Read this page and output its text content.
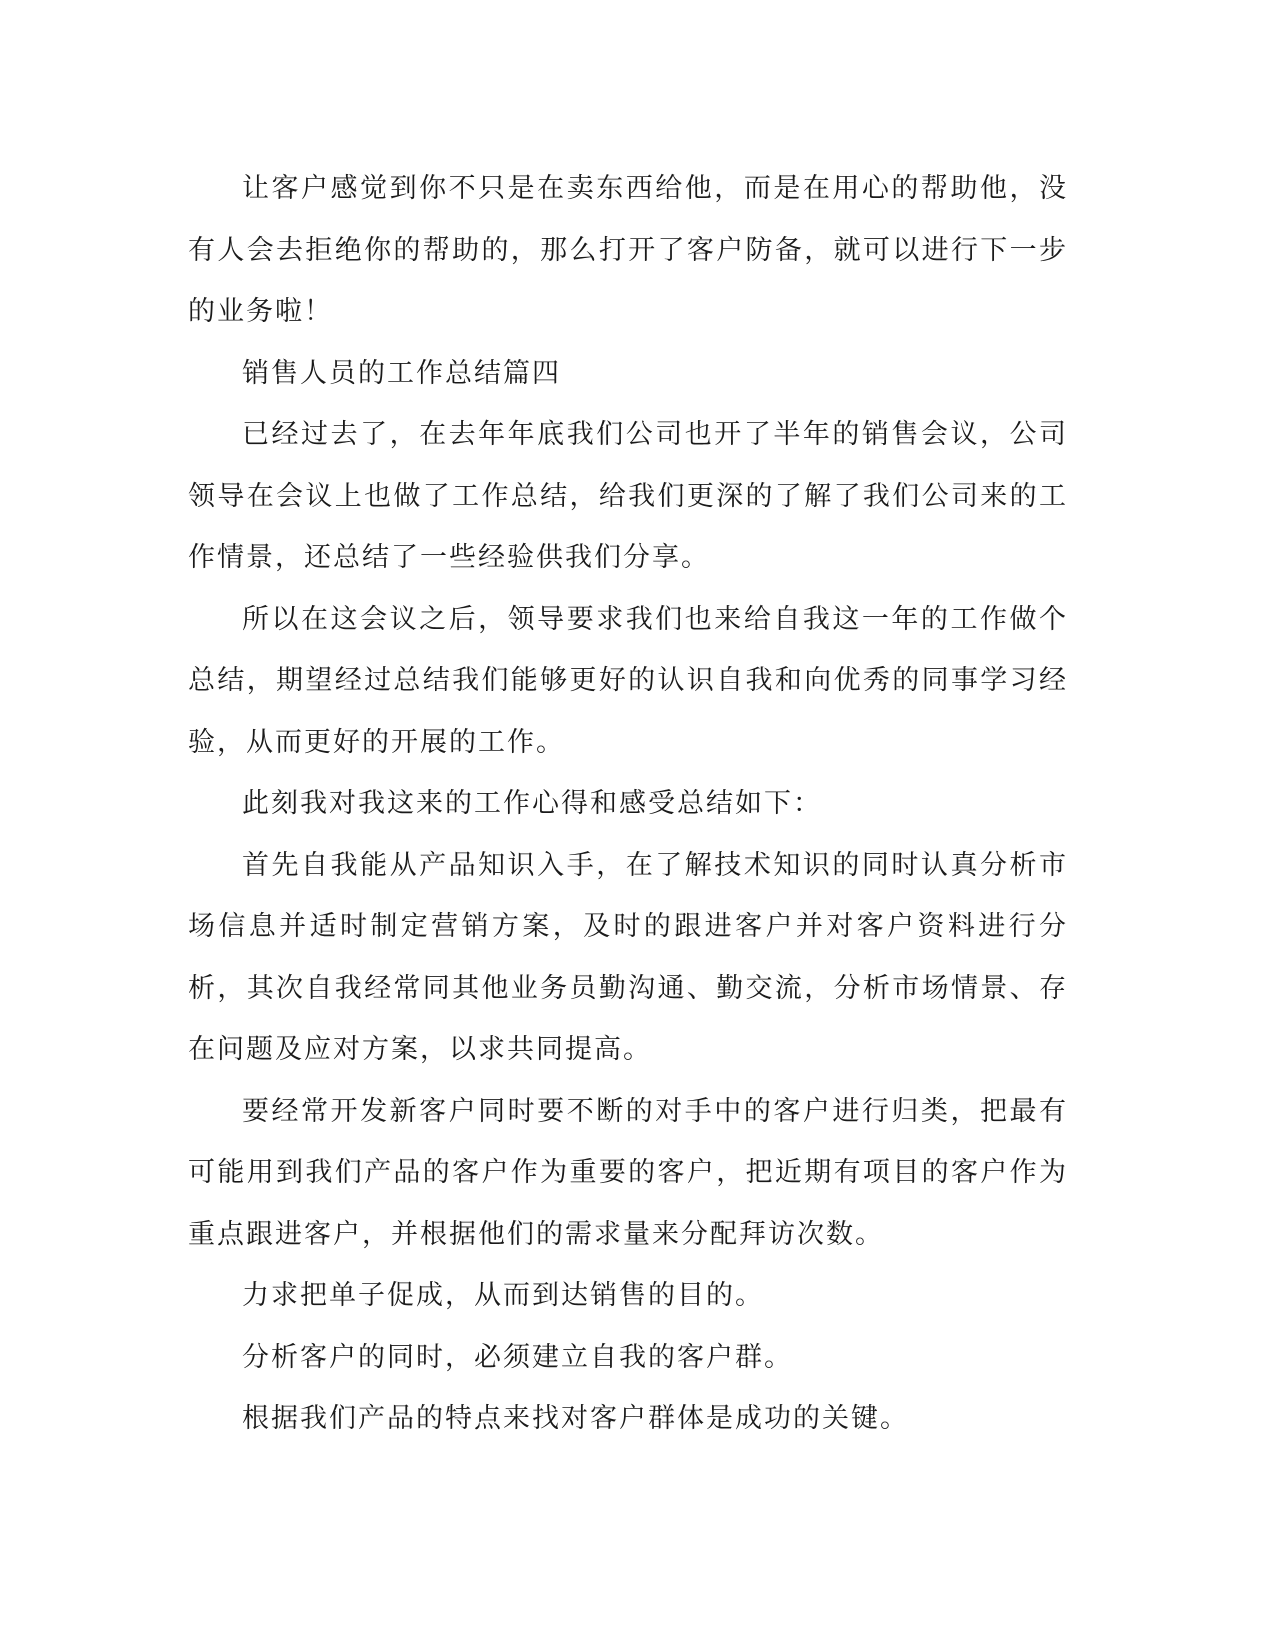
让客户感觉到你不只是在卖东西给他，而是在用心的帮助他，没有人会去拒绝你的帮助的，那么打开了客户防备，就可以进行下一步的业务啦！

销售人员的工作总结篇四

已经过去了，在去年年底我们公司也开了半年的销售会议，公司领导在会议上也做了工作总结，给我们更深的了解了我们公司来的工作情景，还总结了一些经验供我们分享。

所以在这会议之后，领导要求我们也来给自我这一年的工作做个总结，期望经过总结我们能够更好的认识自我和向优秀的同事学习经验，从而更好的开展的工作。

此刻我对我这来的工作心得和感受总结如下：

首先自我能从产品知识入手，在了解技术知识的同时认真分析市场信息并适时制定营销方案，及时的跟进客户并对客户资料进行分析，其次自我经常同其他业务员勤沟通、勤交流，分析市场情景、存在问题及应对方案，以求共同提高。

要经常开发新客户同时要不断的对手中的客户进行归类，把最有可能用到我们产品的客户作为重要的客户，把近期有项目的客户作为重点跟进客户，并根据他们的需求量来分配拜访次数。

力求把单子促成，从而到达销售的目的。

分析客户的同时，必须建立自我的客户群。

根据我们产品的特点来找对客户群体是成功的关键。
